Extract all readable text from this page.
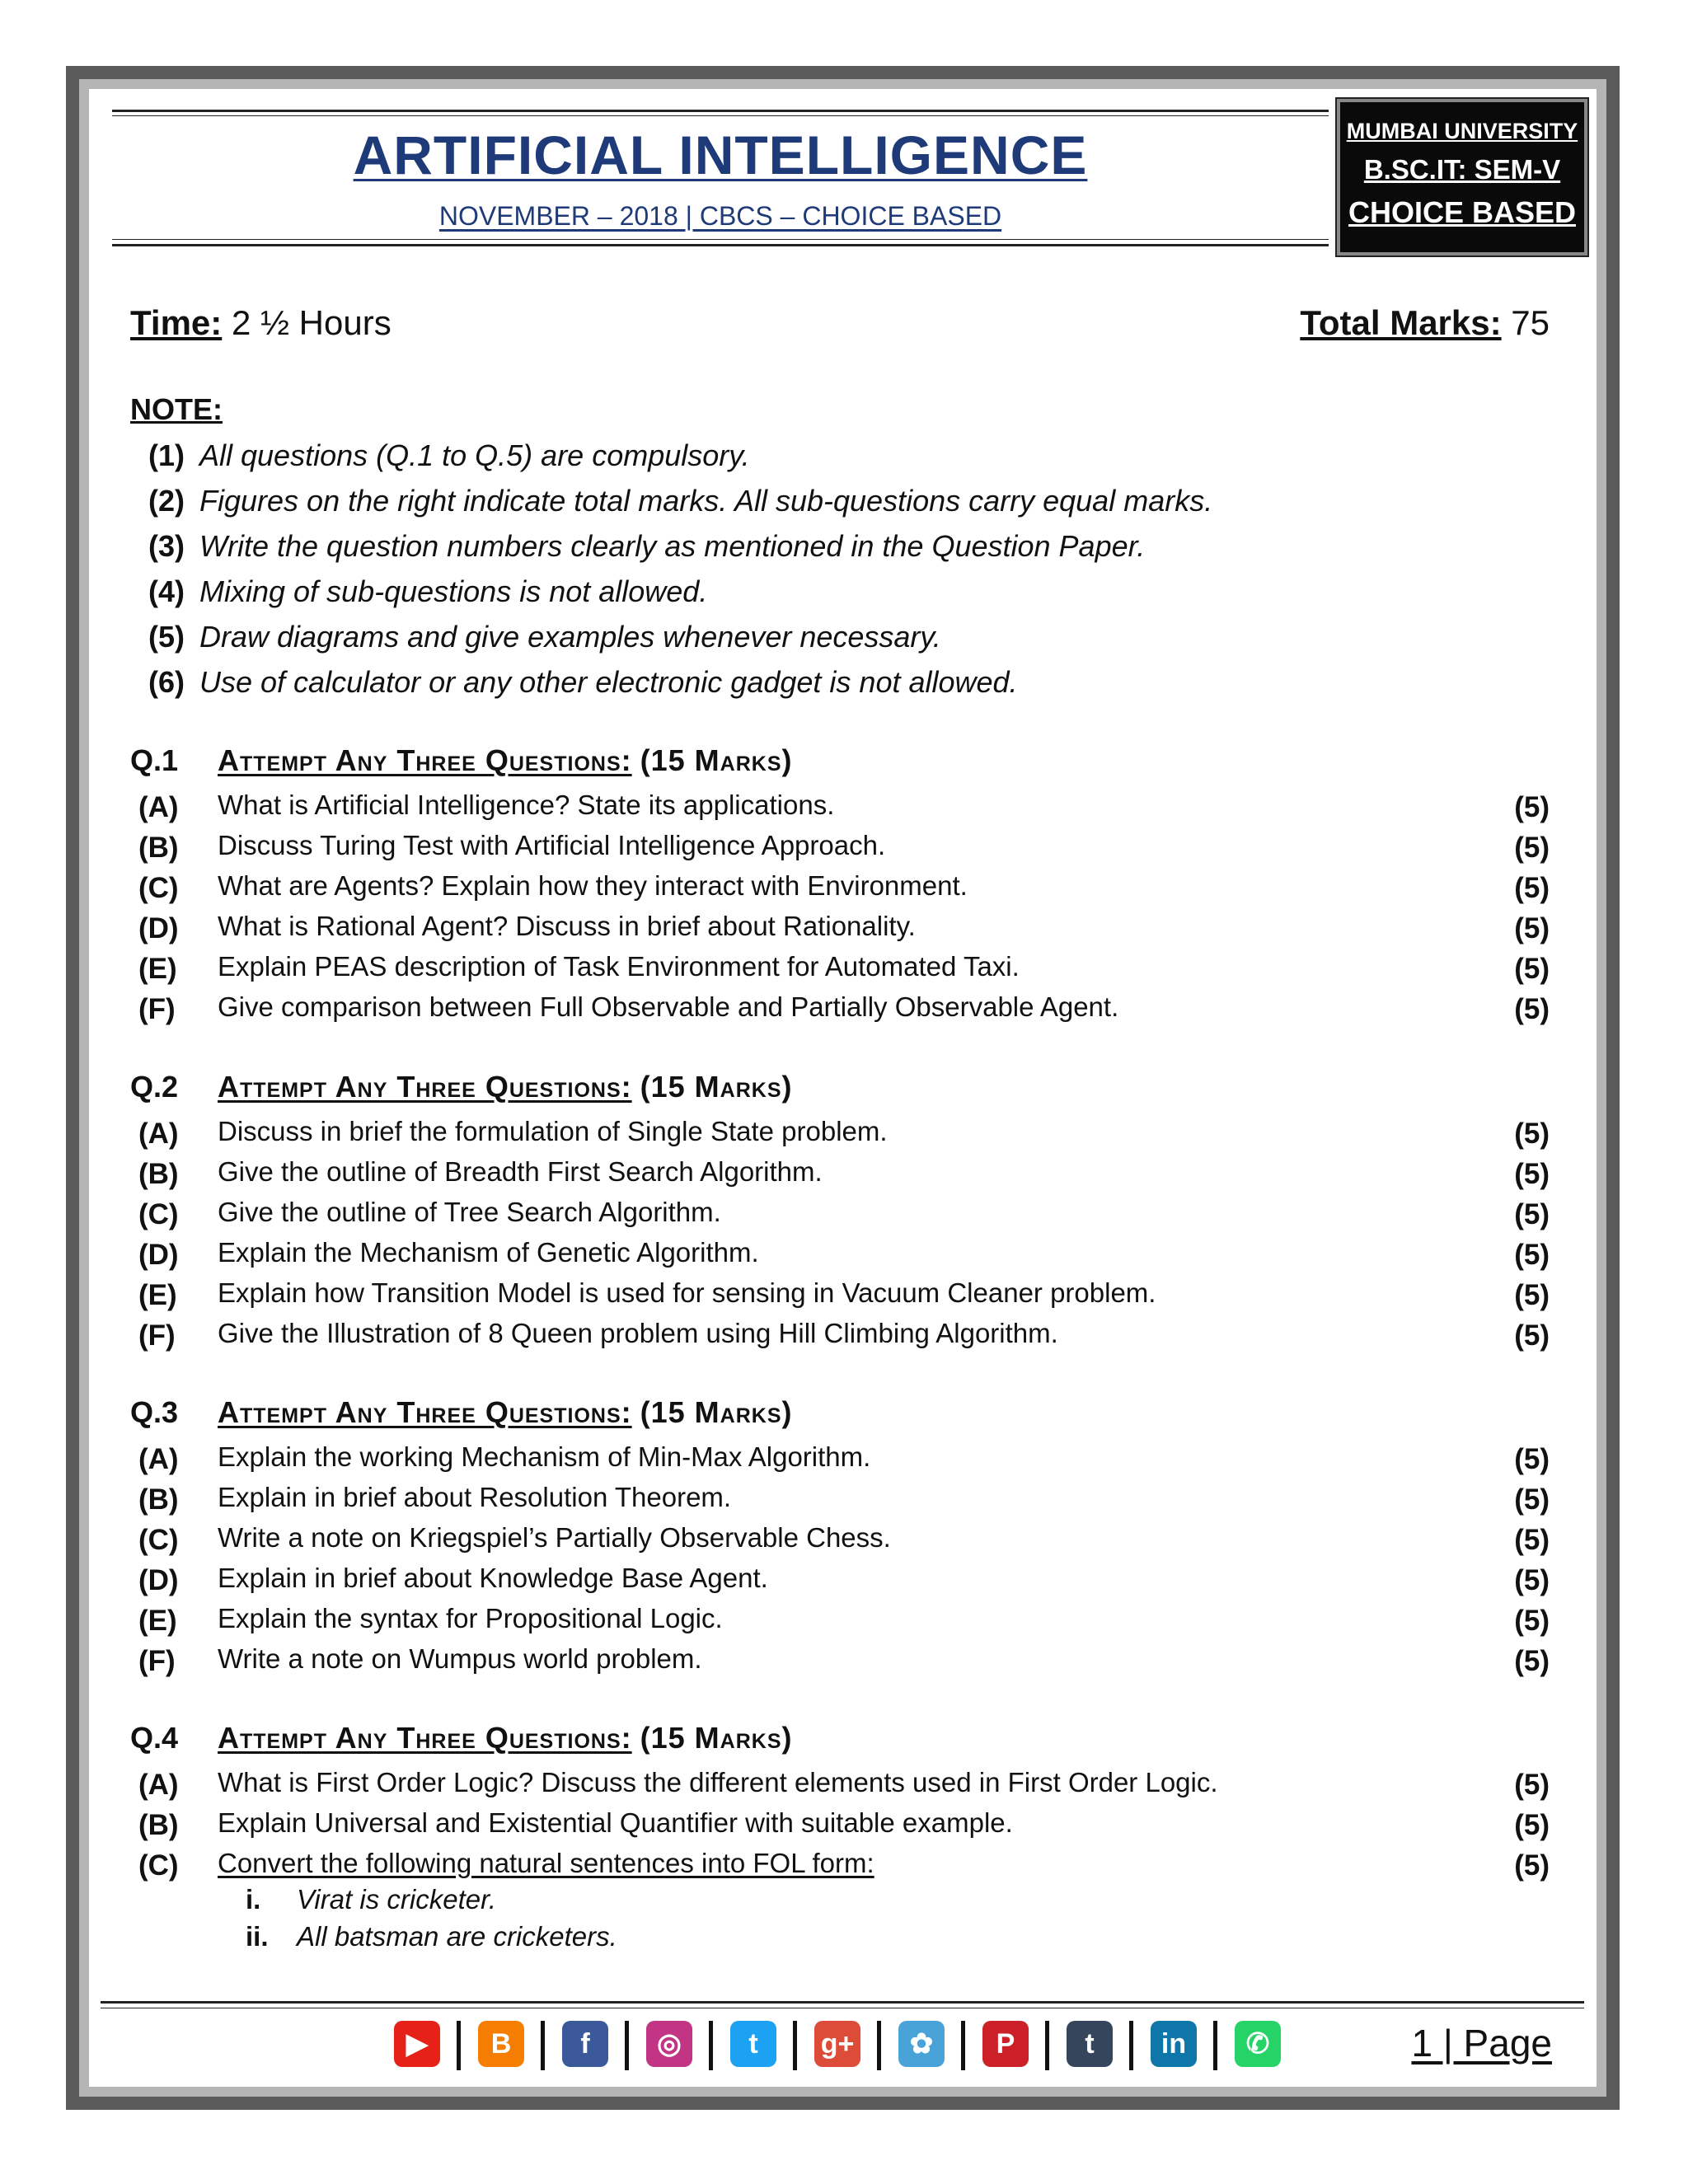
ARTIFICIAL INTELLIGENCE
NOVEMBER – 2018 | CBCS – CHOICE BASED
MUMBAI UNIVERSITY
B.SC.IT: SEM-V
CHOICE BASED
Time: 2 ½ Hours	Total Marks: 75
NOTE:
(1) All questions (Q.1 to Q.5) are compulsory.
(2) Figures on the right indicate total marks. All sub-questions carry equal marks.
(3) Write the question numbers clearly as mentioned in the Question Paper.
(4) Mixing of sub-questions is not allowed.
(5) Draw diagrams and give examples whenever necessary.
(6) Use of calculator or any other electronic gadget is not allowed.
Q.1 Attempt Any Three Questions: (15 Marks)
(A) What is Artificial Intelligence? State its applications.	(5)
(B) Discuss Turing Test with Artificial Intelligence Approach.	(5)
(C) What are Agents? Explain how they interact with Environment.	(5)
(D) What is Rational Agent? Discuss in brief about Rationality.	(5)
(E) Explain PEAS description of Task Environment for Automated Taxi.	(5)
(F) Give comparison between Full Observable and Partially Observable Agent.	(5)
Q.2 Attempt Any Three Questions: (15 Marks)
(A) Discuss in brief the formulation of Single State problem.	(5)
(B) Give the outline of Breadth First Search Algorithm.	(5)
(C) Give the outline of Tree Search Algorithm.	(5)
(D) Explain the Mechanism of Genetic Algorithm.	(5)
(E) Explain how Transition Model is used for sensing in Vacuum Cleaner problem.	(5)
(F) Give the Illustration of 8 Queen problem using Hill Climbing Algorithm.	(5)
Q.3 Attempt Any Three Questions: (15 Marks)
(A) Explain the working Mechanism of Min-Max Algorithm.	(5)
(B) Explain in brief about Resolution Theorem.	(5)
(C) Write a note on Kriegspiel’s Partially Observable Chess.	(5)
(D) Explain in brief about Knowledge Base Agent.	(5)
(E) Explain the syntax for Propositional Logic.	(5)
(F) Write a note on Wumpus world problem.	(5)
Q.4 Attempt Any Three Questions: (15 Marks)
(A) What is First Order Logic? Discuss the different elements used in First Order Logic.	(5)
(B) Explain Universal and Existential Quantifier with suitable example.	(5)
(C) Convert the following natural sentences into FOL form:	(5)
i. Virat is cricketer.
ii. All batsman are cricketers.
▶	B	f	◎	t	g+	✿	P	t	in	✆	1 | Page
